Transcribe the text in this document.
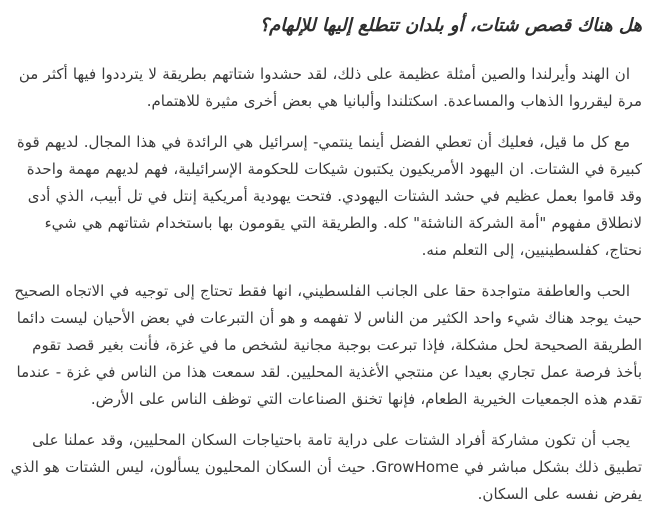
هل هناك قصص شتات، أو بلدان تتطلع إليها للإلهام؟

ان الهند وأيرلندا والصين أمثلة عظيمة على ذلك، لقد حشدوا شتاتهم بطريقة لا يترددوا فيها أكثر من مرة ليقرروا الذهاب والمساعدة. اسكتلندا وألبانيا هي بعض أخرى مثيرة للاهتمام.

مع كل ما قيل، فعليك أن تعطي الفضل أينما ينتمي- إسرائيل هي الرائدة في هذا المجال. لديهم قوة كبيرة في الشتات. ان اليهود الأمريكيون يكتبون شيكات للحكومة الإسرائيلية، فهم لديهم مهمة واحدة وقد قاموا بعمل عظيم في حشد الشتات اليهودي. فتحت يهودية أمريكية إنتل في تل أبيب، الذي أدى لانطلاق مفهوم "أمة الشركة الناشئة" كله. والطريقة التي يقومون بها باستخدام شتاتهم هي شيء نحتاج، كفلسطينيين، إلى التعلم منه.

الحب والعاطفة متواجدة حقا على الجانب الفلسطيني، انها فقط تحتاج إلى توجيه في الاتجاه الصحيح حيث يوجد هناك شيء واحد الكثير من الناس لا تفهمه و هو أن التبرعات في بعض الأحيان ليست دائما الطريقة الصحيحة لحل مشكلة، فإذا تبرعت بوجبة مجانية لشخص ما في غزة، فأنت بغير قصد تقوم بأخذ فرصة عمل تجاري بعيدا عن منتجي الأغذية المحليين. لقد سمعت هذا من الناس في غزة - عندما تقدم هذه الجمعيات الخيرية الطعام، فإنها تخنق الصناعات التي توظف الناس على الأرض.

يجب أن تكون مشاركة أفراد الشتات على دراية تامة باحتياجات السكان المحليين، وقد عملنا على تطبيق ذلك بشكل مباشر في GrowHome. حيث أن السكان المحليون يسألون، ليس الشتات هو الذي يفرض نفسه على السكان.
